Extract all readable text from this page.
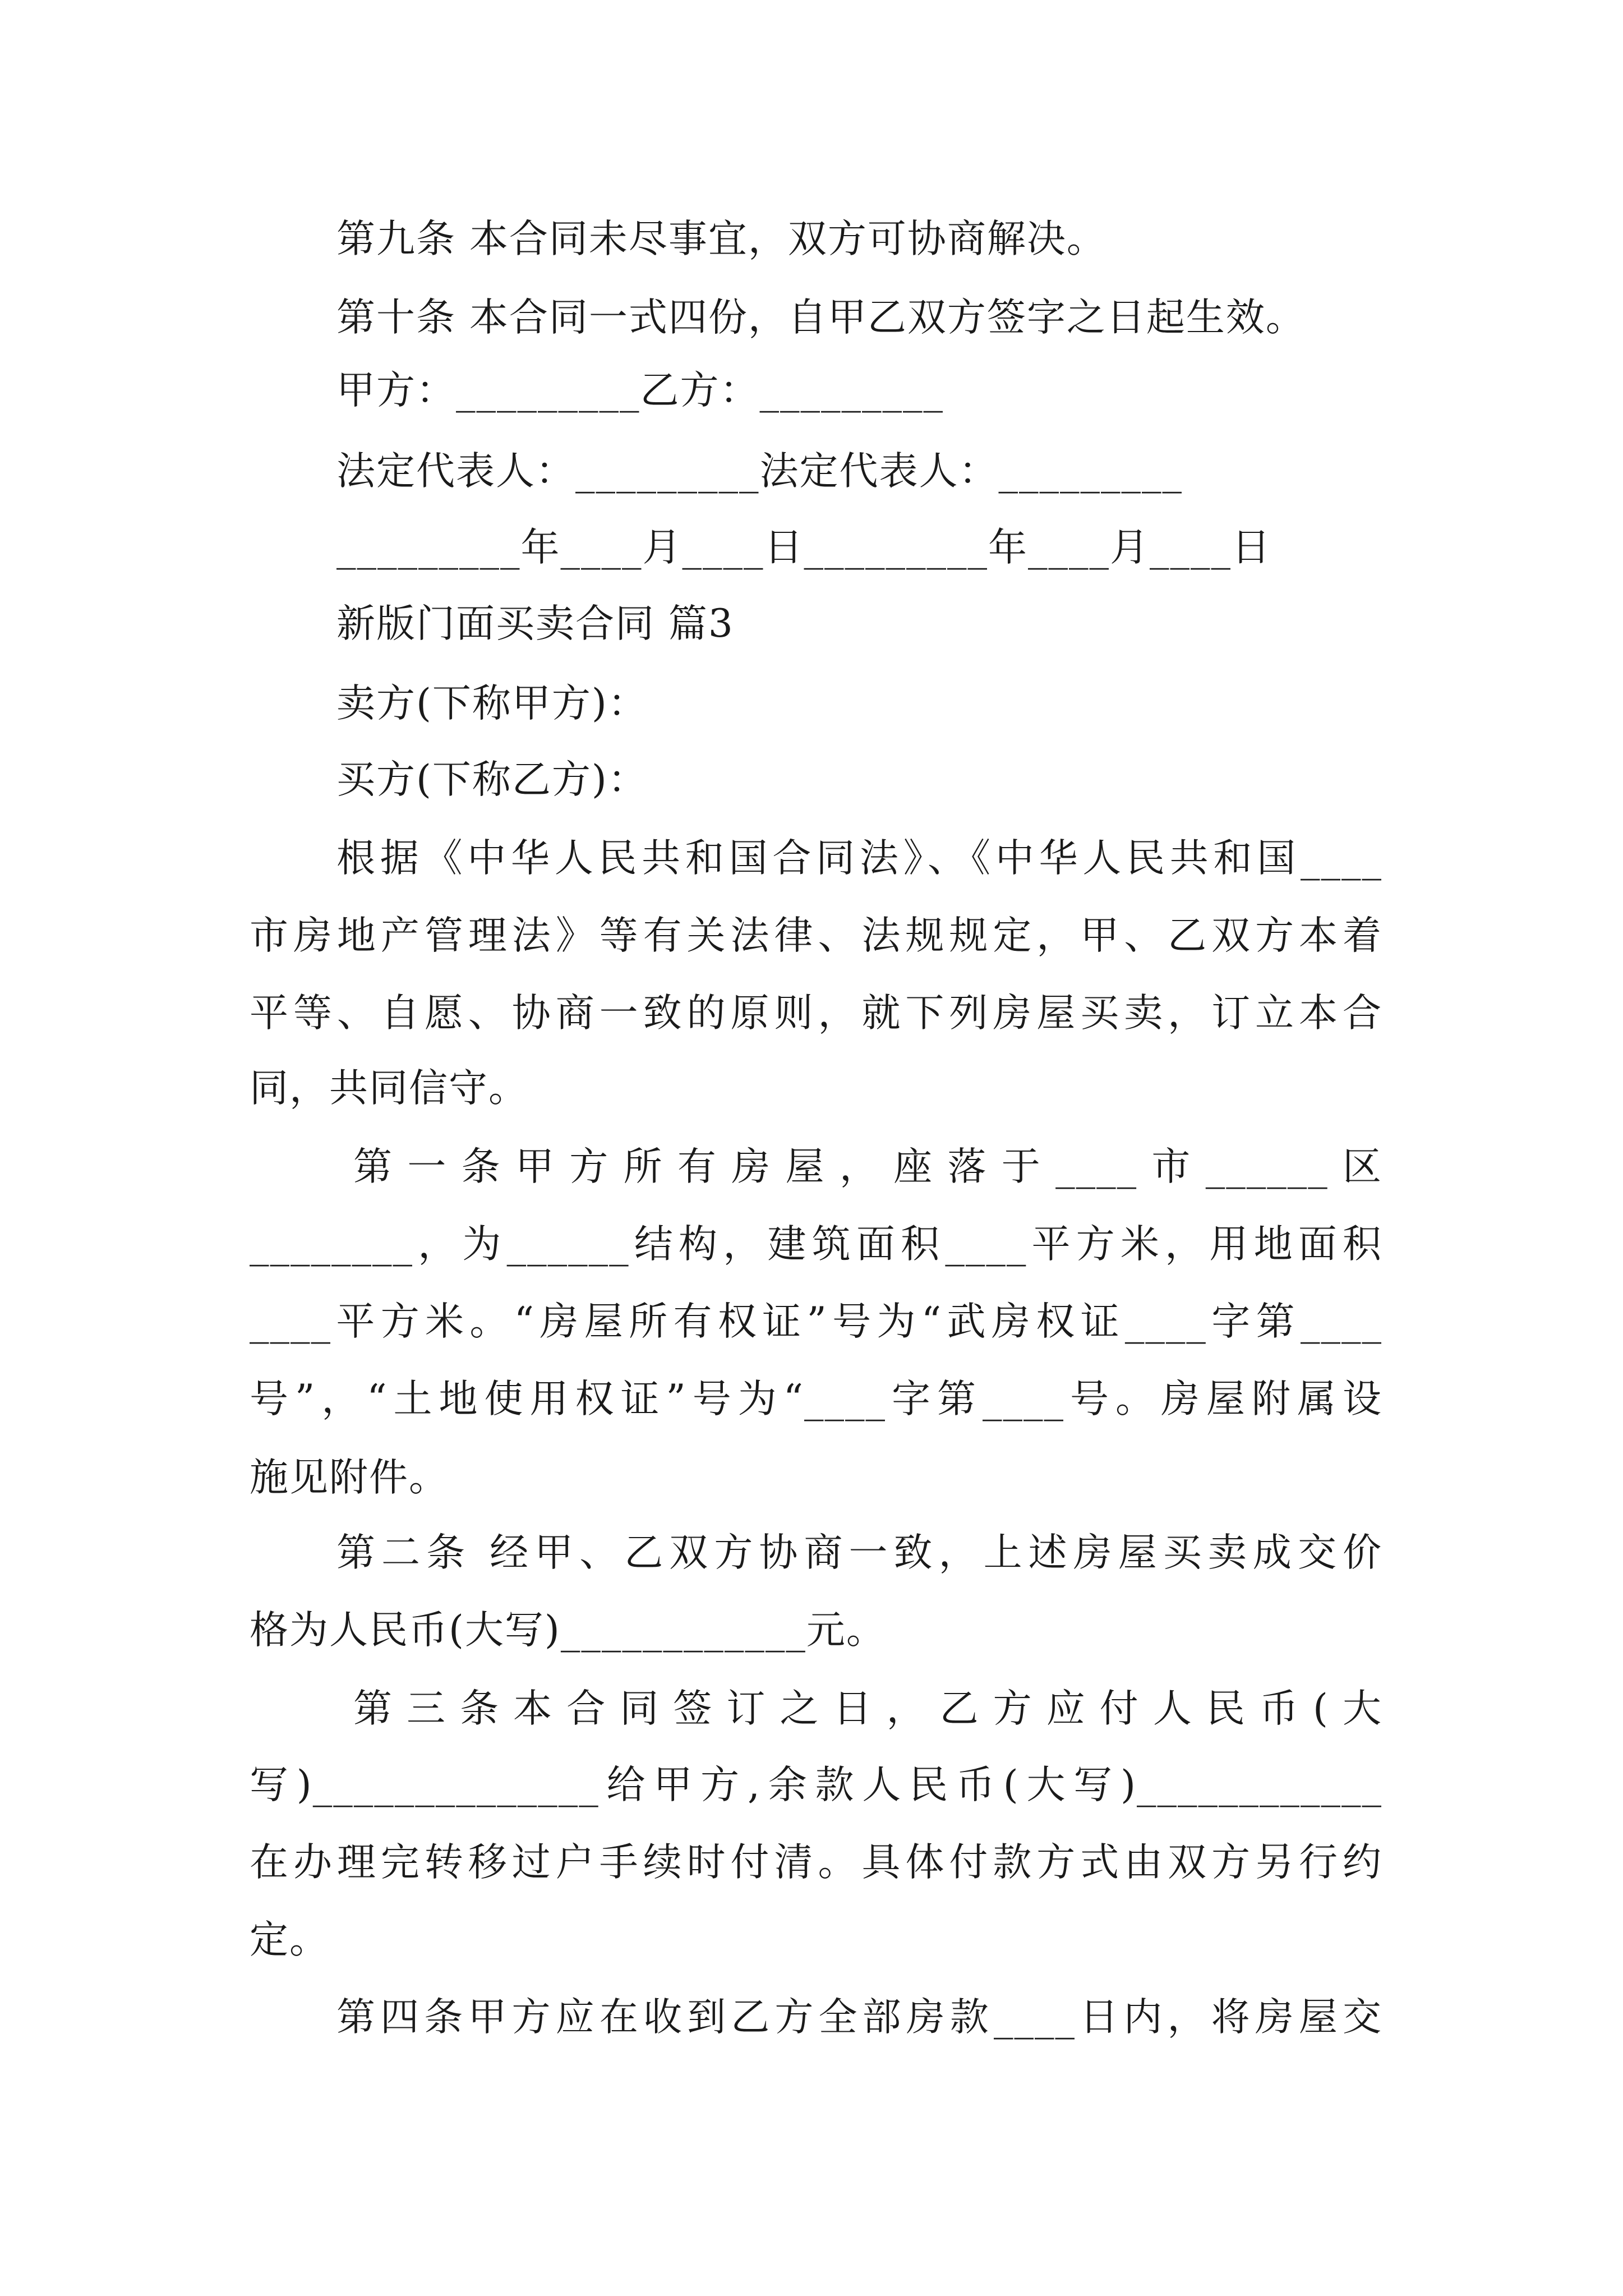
第九条 本合同未尽事宜，双方可协商解决。
第十条 本合同一式四份，自甲乙双方签字之日起生效。
甲方：_________乙方：_________
法定代表人：_________法定代表人：_________
_________年____月____日_________年____月____日
新版门面买卖合同 篇3
卖方(下称甲方)：
买方(下称乙方)：
根据《中华人民共和国合同法》、《中华人民共和国____
市房地产管理法》等有关法律、法规规定，甲、乙双方本着
平等、自愿、协商一致的原则，就下列房屋买卖，订立本合
同，共同信守。
第一条甲方所有房屋，座落于____市______区
________，为______结构，建筑面积____平方米，用地面积
____平方米。“房屋所有权证”号为“武房权证____字第____
号”，“土地使用权证”号为“____字第____号。房屋附属设
施见附件。
第二条 经甲、乙双方协商一致，上述房屋买卖成交价
格为人民币(大写)____________元。
第三条本合同签订之日，乙方应付人民币(大
写)______________给甲方,余款人民币(大写)____________
在办理完转移过户手续时付清。具体付款方式由双方另行约
定。
第四条甲方应在收到乙方全部房款____日内，将房屋交
